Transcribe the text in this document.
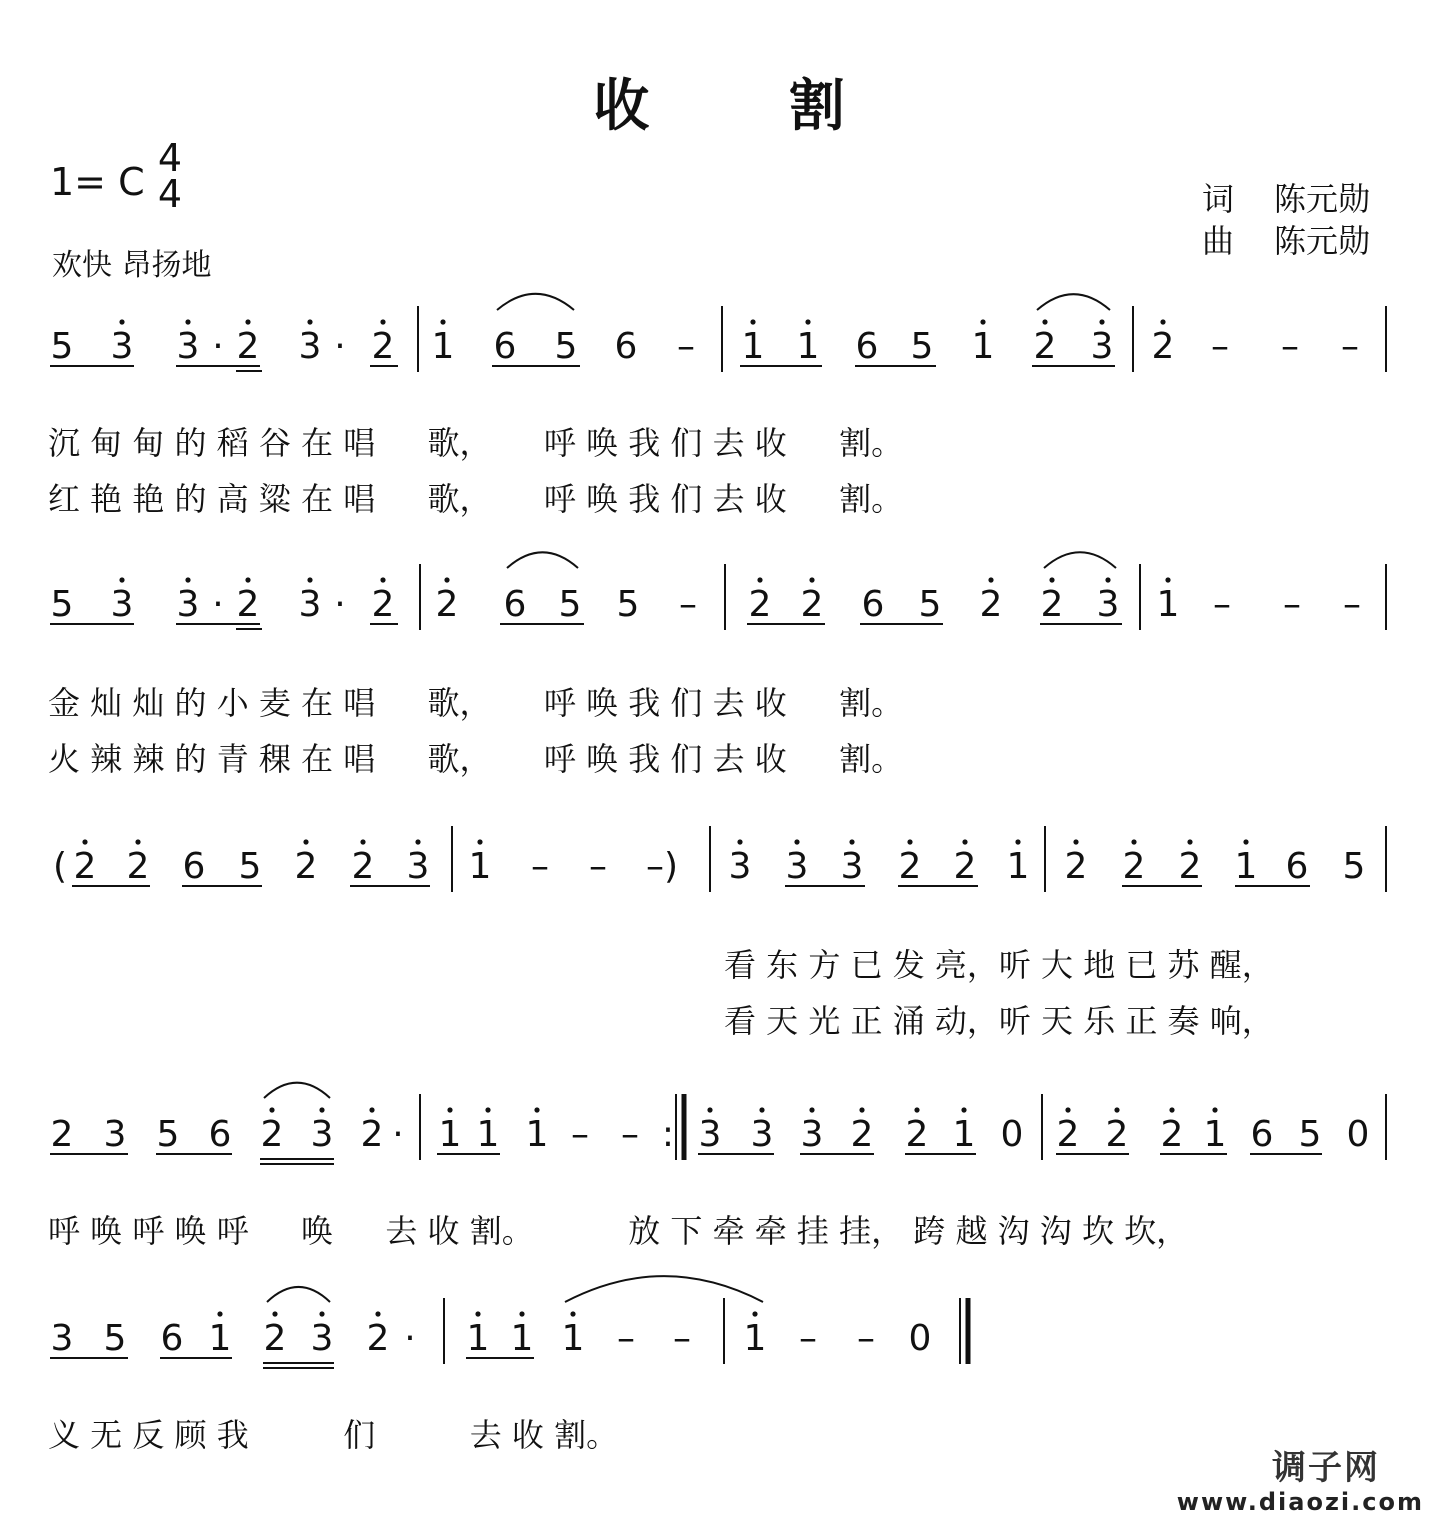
收 割
1= C
4
4
欢快 昂扬地
词 陈元勋
曲 陈元勋
5 3 3 · 2 3 · 2 1 6 5 6 – 1 1 6 5 1 2 3 2 – – –
5 3 3 · 2 3 · 2 2 6 5 5 – 2 2 6 5 2 2 3 1 – – –
( 2 2 6 5 2 2 3 1 – – –) 3 3 3 2 2 1 2 2 2 1 6 5
2 3 5 6 2 3 2 · 1 1 1 – – : 3 3 3 2 2 1 0 2 2 2 1 6 5 0
3 5 6 1 2 3 2 · 1 1 1 – – 1 – – 0
沉 甸 甸 的 稻 谷 在 唱 　 歌， 　 呼 唤 我 们 去 收 　 割。
红 艳 艳 的 高 粱 在 唱 　 歌， 　 呼 唤 我 们 去 收 　 割。
金 灿 灿 的 小 麦 在 唱 　 歌， 　 呼 唤 我 们 去 收 　 割。
火 辣 辣 的 青 稞 在 唱 　 歌， 　 呼 唤 我 们 去 收 　 割。
看 东 方 已 发 亮，听 大 地 已 苏 醒，
看 天 光 正 涌 动，听 天 乐 正 奏 响，
呼 唤 呼 唤 呼 　 唤 　 去 收 割。 　 　 放 下 牵 牵 挂 挂， 跨 越 沟 沟 坎 坎，
义 无 反 顾 我 　 　 们 　 　 去 收 割。
调子网
www.diaozi.com
